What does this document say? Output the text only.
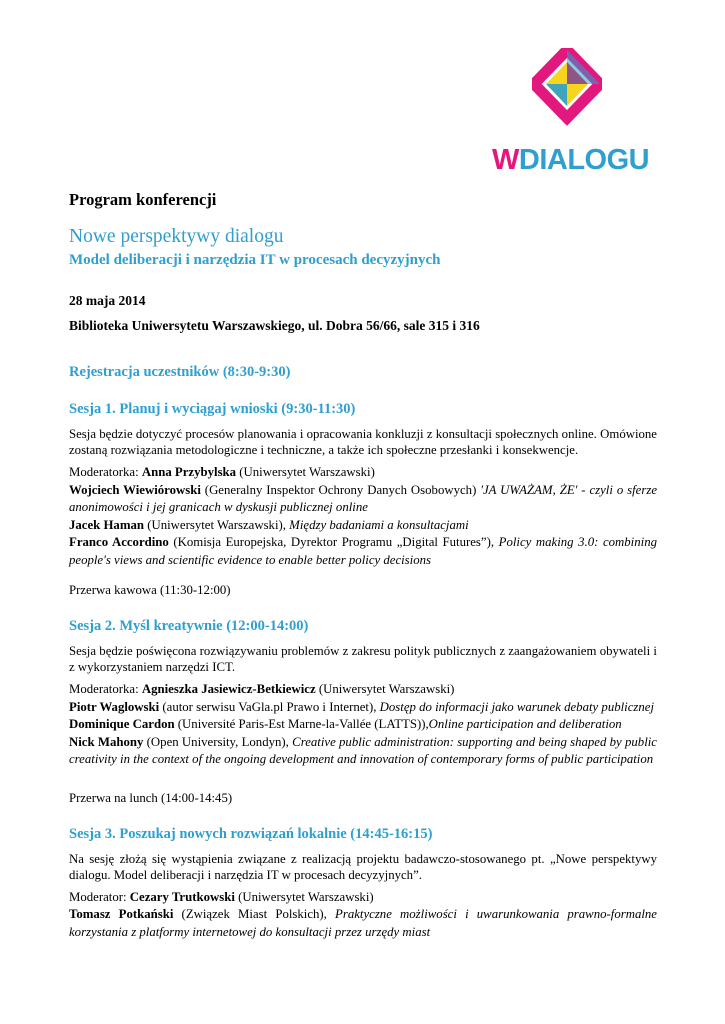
WDIALOGU
Program konferencji
Nowe perspektywy dialogu
Model deliberacji i narzędzia IT w procesach decyzyjnych
28 maja 2014
Biblioteka Uniwersytetu Warszawskiego, ul. Dobra 56/66, sale 315 i 316
Rejestracja uczestników (8:30-9:30)
Sesja 1. Planuj i wyciągaj wnioski (9:30-11:30)

Sesja będzie dotyczyć procesów planowania i opracowania konkluzji z konsultacji społecznych online. Omówione zostaną rozwiązania metodologiczne i techniczne, a także ich społeczne przesłanki i konsekwencje.

Moderatorka: Anna Przybylska (Uniwersytet Warszawski)

Wojciech Wiewiórowski (Generalny Inspektor Ochrony Danych Osobowych) 'JA UWAŻAM, ŻE' - czyli o sferze anonimowości i jej granicach w dyskusji publicznej online

Jacek Haman (Uniwersytet Warszawski), Między badaniami a konsultacjami

Franco Accordino (Komisja Europejska, Dyrektor Programu „Digital Futures”), Policy making 3.0: combining people's views and scientific evidence to enable better policy decisions

Przerwa kawowa (11:30-12:00)
Sesja 2. Myśl kreatywnie (12:00-14:00)

Sesja będzie poświęcona rozwiązywaniu problemów z zakresu polityk publicznych z zaangażowaniem obywateli i z wykorzystaniem narzędzi ICT.

Moderatorka: Agnieszka Jasiewicz-Betkiewicz (Uniwersytet Warszawski)

Piotr Waglowski (autor serwisu VaGla.pl Prawo i Internet), Dostęp do informacji jako warunek debaty publicznej

Dominique Cardon (Université Paris-Est Marne-la-Vallée (LATTS)),Online participation and deliberation

Nick Mahony (Open University, Londyn), Creative public administration: supporting and being shaped by public creativity in the context of the ongoing development and innovation of contemporary forms of public participation

Przerwa na lunch (14:00-14:45)
Sesja 3. Poszukaj nowych rozwiązań lokalnie (14:45-16:15)

Na sesję złożą się wystąpienia związane z realizacją projektu badawczo-stosowanego pt. „Nowe perspektywy dialogu. Model deliberacji i narzędzia IT w procesach decyzyjnych”.

Moderator: Cezary Trutkowski (Uniwersytet Warszawski)

Tomasz Potkański (Związek Miast Polskich), Praktyczne możliwości i uwarunkowania prawno-formalne korzystania z platformy internetowej do konsultacji przez urzędy miast
